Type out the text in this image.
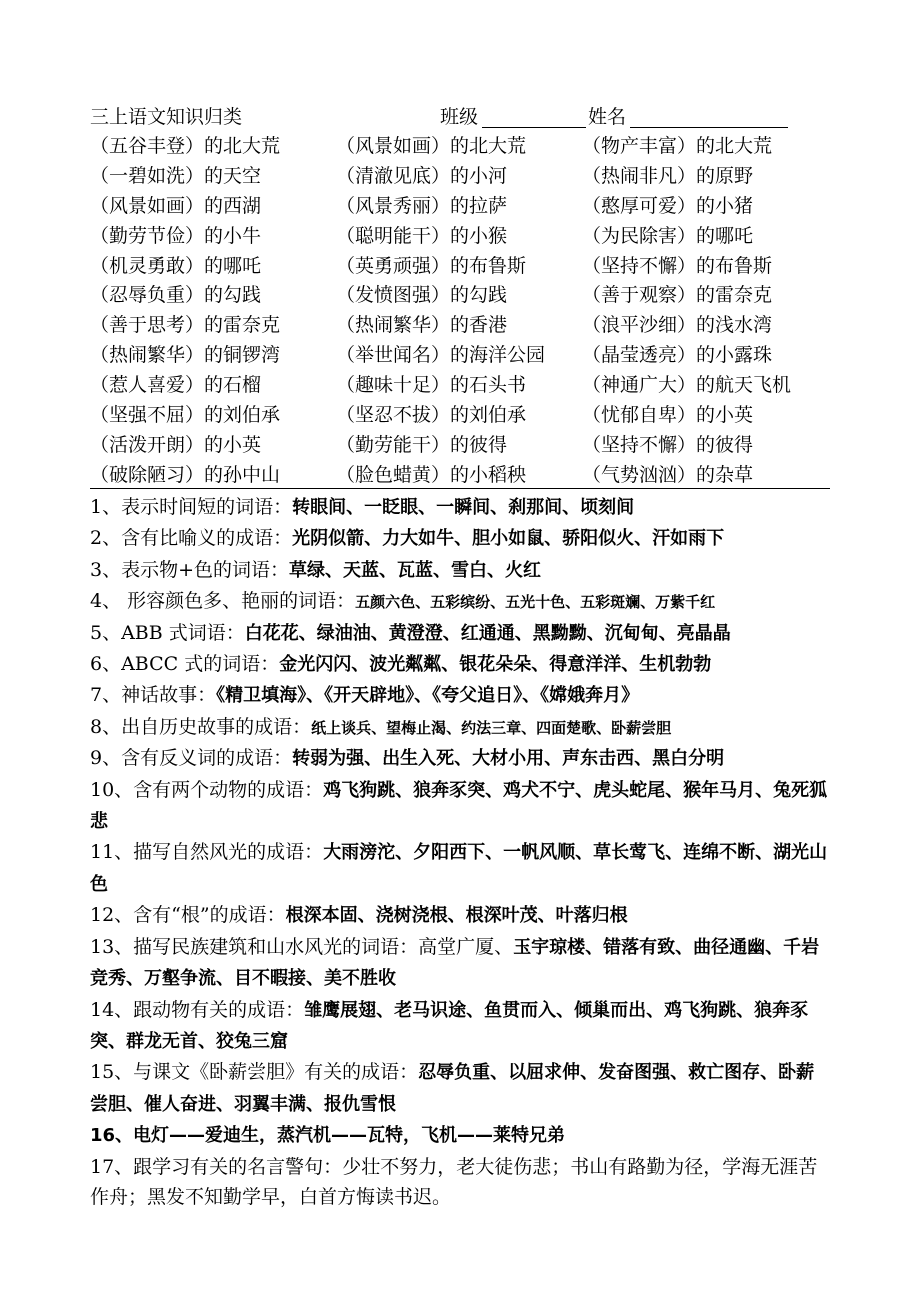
三上语文知识归类	班级	姓名
（五谷丰登）的北大荒	（风景如画）的北大荒	（物产丰富）的北大荒
（一碧如洗）的天空	（清澈见底）的小河	（热闹非凡）的原野
（风景如画）的西湖	（风景秀丽）的拉萨	（憨厚可爱）的小猪
（勤劳节俭）的小牛	（聪明能干）的小猴	（为民除害）的哪吒
（机灵勇敢）的哪吒	（英勇顽强）的布鲁斯	（坚持不懈）的布鲁斯
（忍辱负重）的勾践	（发愤图强）的勾践	（善于观察）的雷奈克
（善于思考）的雷奈克	（热闹繁华）的香港	（浪平沙细）的浅水湾
（热闹繁华）的铜锣湾	（举世闻名）的海洋公园 （晶莹透亮）的小露珠
（惹人喜爱）的石榴	（趣味十足）的石头书	（神通广大）的航天飞机
（坚强不屈）的刘伯承	（坚忍不拔）的刘伯承	（忧郁自卑）的小英
（活泼开朗）的小英	（勤劳能干）的彼得	（坚持不懈）的彼得
（破除陋习）的孙中山	（脸色蜡黄）的小稻秧	（气势汹汹）的杂草
1、表示时间短的词语：转眼间、一眨眼、一瞬间、刹那间、顷刻间
2、含有比喻义的成语：光阴似箭、力大如牛、胆小如鼠、骄阳似火、汗如雨下
3、表示物+色的词语：草绿、天蓝、瓦蓝、雪白、火红
4、 形容颜色多、艳丽的词语：五颜六色、五彩缤纷、五光十色、五彩斑斓、万紫千红
5、ABB 式词语：白花花、绿油油、黄澄澄、红通通、黑黝黝、沉甸甸、亮晶晶
6、ABCC 式的词语：金光闪闪、波光粼粼、银花朵朵、得意洋洋、生机勃勃
7、神话故事：《精卫填海》、《开天辟地》、《夸父追日》、《嫦娥奔月》
8、出自历史故事的成语：纸上谈兵、望梅止渴、约法三章、四面楚歌、卧薪尝胆
9、含有反义词的成语：转弱为强、出生入死、大材小用、声东击西、黑白分明
10、含有两个动物的成语：鸡飞狗跳、狼奔豕突、鸡犬不宁、虎头蛇尾、猴年马月、兔死狐悲
11、描写自然风光的成语：大雨滂沱、夕阳西下、一帆风顺、草长莺飞、连绵不断、湖光山色
12、含有“根”的成语：根深本固、浇树浇根、根深叶茂、叶落归根
13、描写民族建筑和山水风光的词语：高堂广厦、玉宇琼楼、错落有致、曲径通幽、千岩竞秀、万壑争流、目不暇接、美不胜收
14、跟动物有关的成语：雏鹰展翅、老马识途、鱼贯而入、倾巢而出、鸡飞狗跳、狼奔豕突、群龙无首、狡兔三窟
15、与课文《卧薪尝胆》有关的成语：忍辱负重、以屈求伸、发奋图强、救亡图存、卧薪尝胆、催人奋进、羽翼丰满、报仇雪恨
16、电灯——爱迪生，蒸汽机——瓦特，飞机——莱特兄弟
17、跟学习有关的名言警句：少壮不努力，老大徒伤悲；书山有路勤为径，学海无涯苦作舟；黑发不知勤学早，白首方悔读书迟。
